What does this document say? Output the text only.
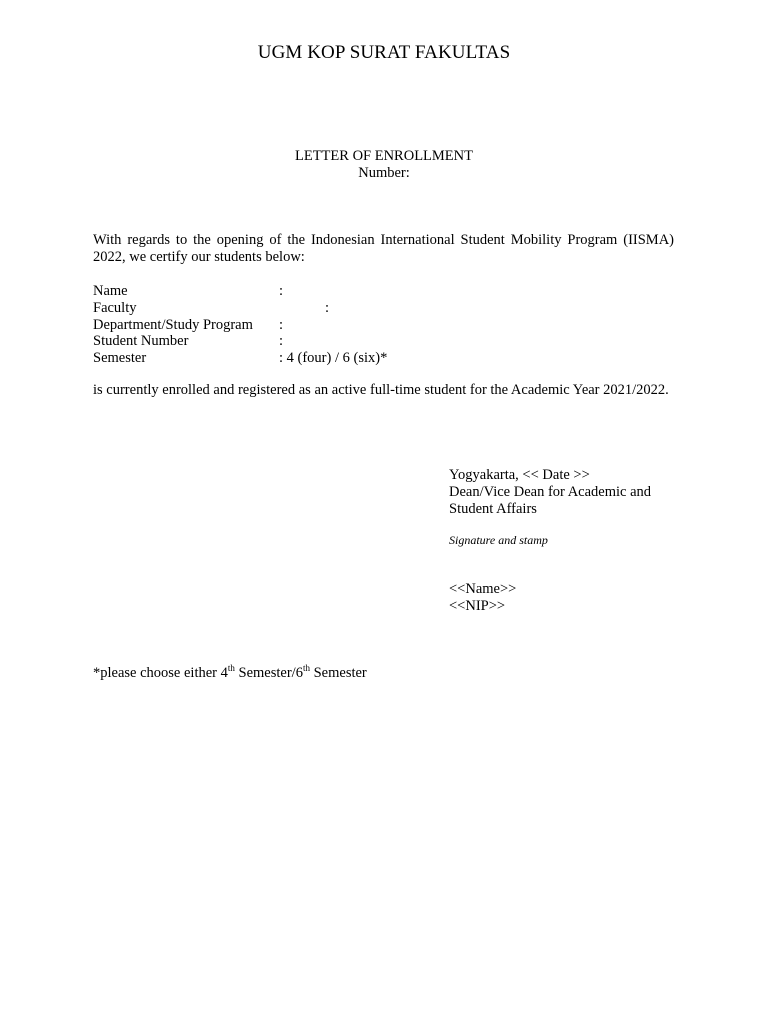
UGM KOP SURAT FAKULTAS
LETTER OF ENROLLMENT
Number:
With regards to the opening of the Indonesian International Student Mobility Program (IISMA) 2022, we certify our students below:
Name	:
Faculty	:
Department/Study Program :
Student Number	:
Semester	: 4 (four) / 6 (six)*
is currently enrolled and registered as an active full-time student for the Academic Year 2021/2022.
Yogyakarta, << Date >>
Dean/Vice Dean for Academic and
Student Affairs
Signature and stamp
<<Name>>
<<NIP>>
*please choose either 4th Semester/6th Semester
